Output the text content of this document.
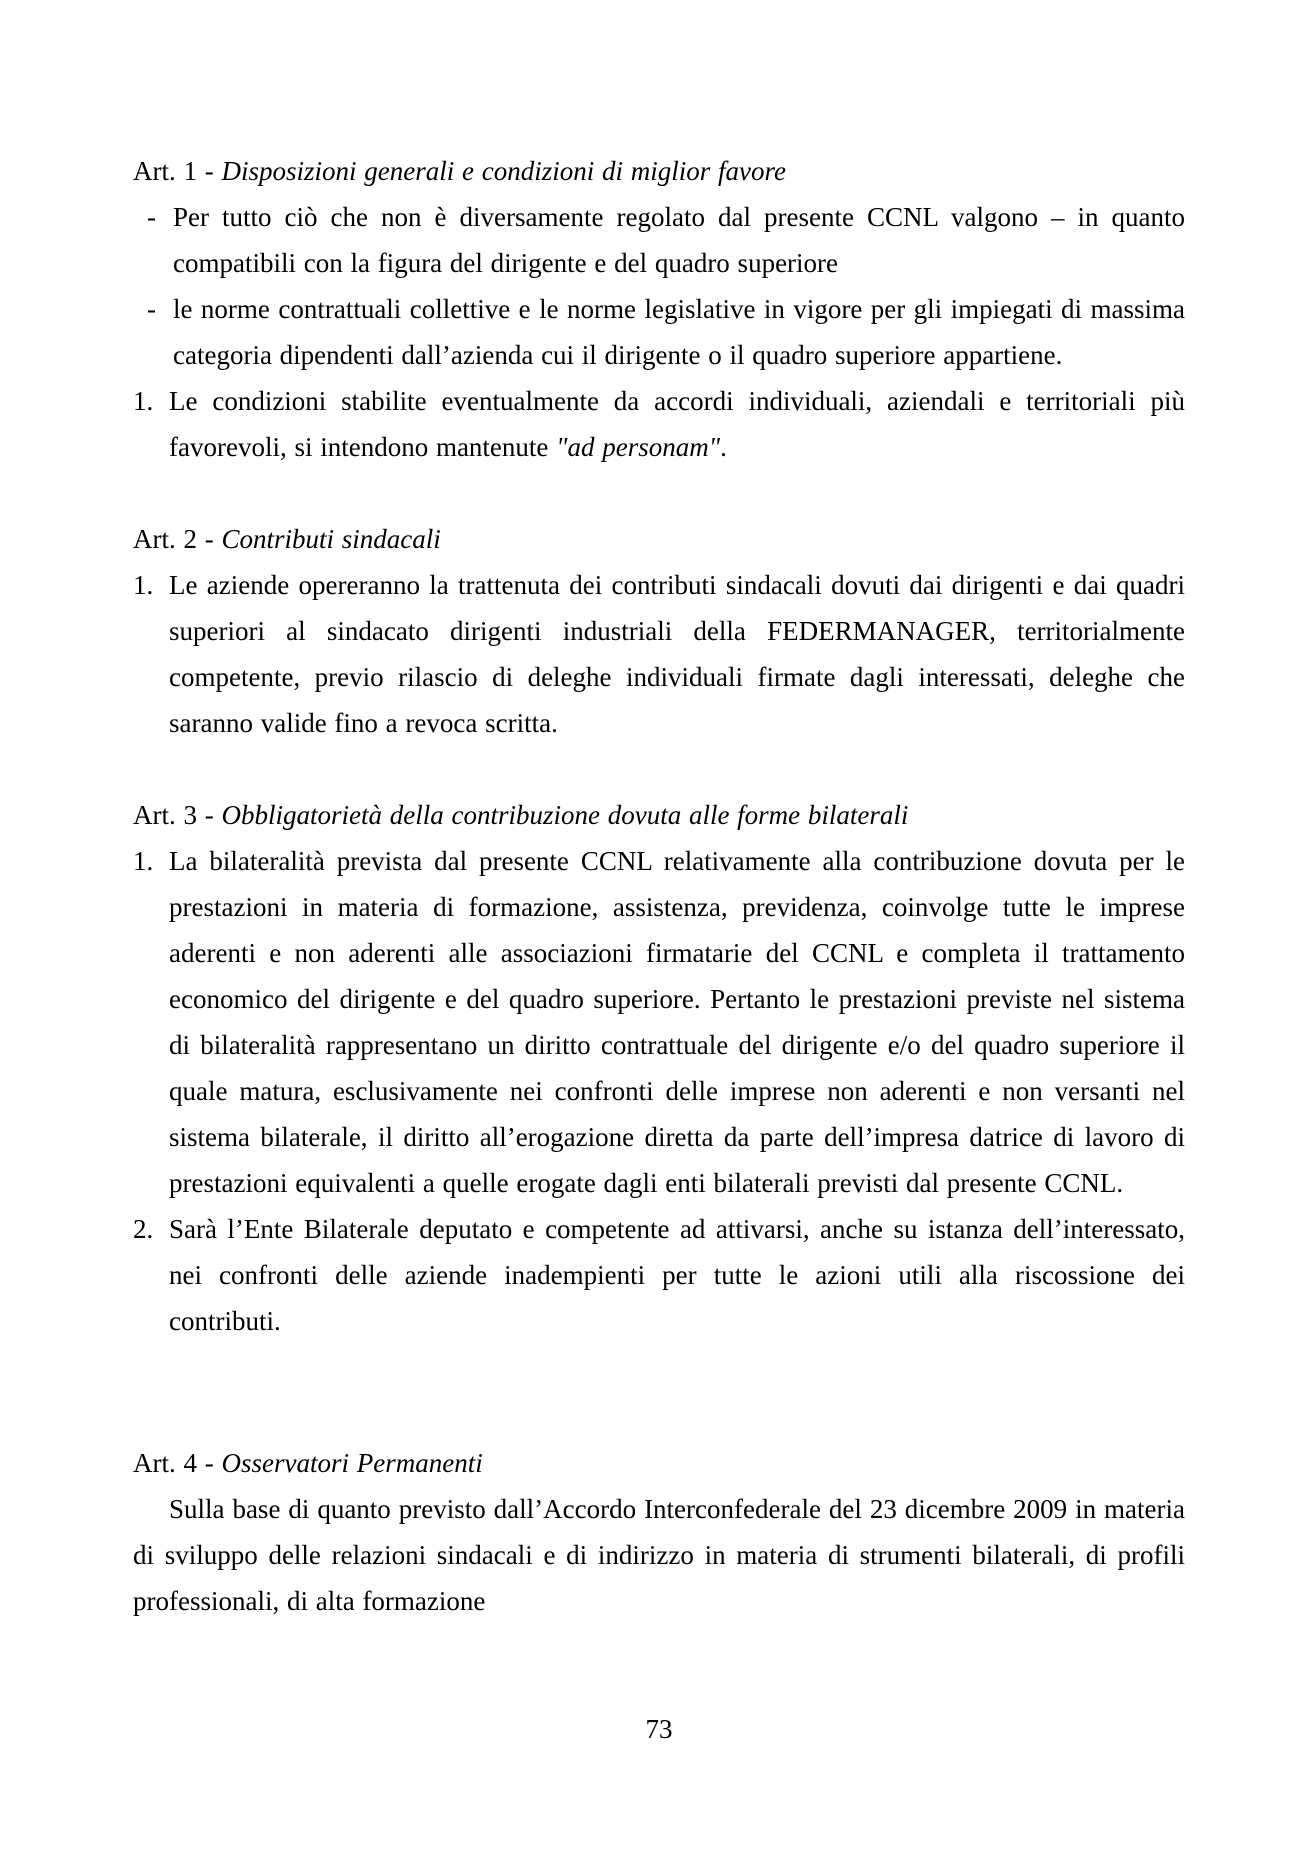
Art. 1 - Disposizioni generali e condizioni di miglior favore
- Per tutto ciò che non è diversamente regolato dal presente CCNL valgono – in quanto compatibili con la figura del dirigente e del quadro superiore
- le norme contrattuali collettive e le norme legislative in vigore per gli impiegati di massima categoria dipendenti dall’azienda cui il dirigente o il quadro superiore appartiene.
1. Le condizioni stabilite eventualmente da accordi individuali, aziendali e territoriali più favorevoli, si intendono mantenute "ad personam".
Art. 2 - Contributi sindacali
1. Le aziende opereranno la trattenuta dei contributi sindacali dovuti dai dirigenti e dai quadri superiori al sindacato dirigenti industriali della FEDERMANAGER, territorialmente competente, previo rilascio di deleghe individuali firmate dagli interessati, deleghe che saranno valide fino a revoca scritta.
Art. 3 - Obbligatorietà della contribuzione dovuta alle forme bilaterali
1. La bilateralità prevista dal presente CCNL relativamente alla contribuzione dovuta per le prestazioni in materia di formazione, assistenza, previdenza, coinvolge tutte le imprese aderenti e non aderenti alle associazioni firmatarie del CCNL e completa il trattamento economico del dirigente e del quadro superiore. Pertanto le prestazioni previste nel sistema di bilateralità rappresentano un diritto contrattuale del dirigente e/o del quadro superiore il quale matura, esclusivamente nei confronti delle imprese non aderenti e non versanti nel sistema bilaterale, il diritto all’erogazione diretta da parte dell’impresa datrice di lavoro di prestazioni equivalenti a quelle erogate dagli enti bilaterali previsti dal presente CCNL.
2. Sarà l’Ente Bilaterale deputato e competente ad attivarsi, anche su istanza dell’interessato, nei confronti delle aziende inadempienti per tutte le azioni utili alla riscossione dei contributi.
Art. 4 - Osservatori Permanenti

Sulla base di quanto previsto dall’Accordo Interconfederale del 23 dicembre 2009 in materia di sviluppo delle relazioni sindacali e di indirizzo in materia di strumenti bilaterali, di profili professionali, di alta formazione

73
